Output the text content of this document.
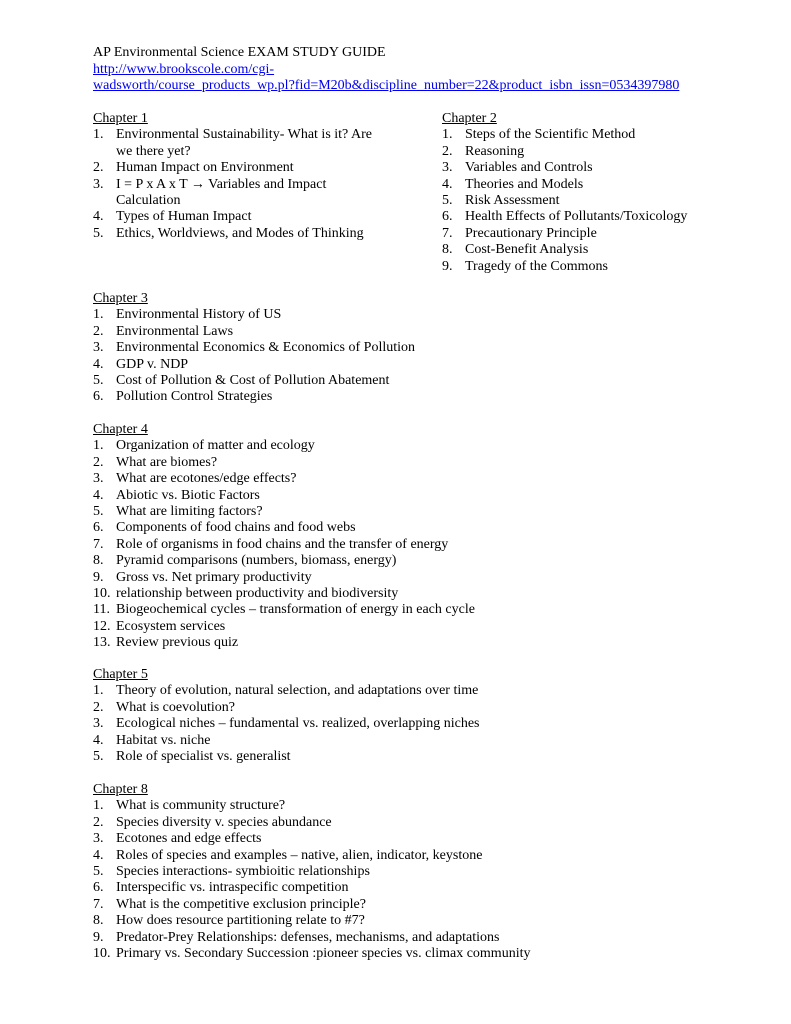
AP Environmental Science EXAM STUDY GUIDE
http://www.brookscole.com/cgi-
wadsworth/course_products_wp.pl?fid=M20b&discipline_number=22&product_isbn_issn=0534397980
Chapter 1
1. Environmental Sustainability- What is it? Are we there yet?
2. Human Impact on Environment
3. I = P x A x T → Variables and Impact Calculation
4. Types of Human Impact
5. Ethics, Worldviews, and Modes of Thinking
Chapter 2
1. Steps of the Scientific Method
2. Reasoning
3. Variables and Controls
4. Theories and Models
5. Risk Assessment
6. Health Effects of Pollutants/Toxicology
7. Precautionary Principle
8. Cost-Benefit Analysis
9. Tragedy of the Commons
Chapter 3
1. Environmental History of US
2. Environmental Laws
3. Environmental Economics & Economics of Pollution
4. GDP v. NDP
5. Cost of Pollution & Cost of Pollution Abatement
6. Pollution Control Strategies
Chapter 4
1. Organization of matter and ecology
2. What are biomes?
3. What are ecotones/edge effects?
4. Abiotic vs. Biotic Factors
5. What are limiting factors?
6. Components of food chains and food webs
7. Role of organisms in food chains and the transfer of energy
8. Pyramid comparisons (numbers, biomass, energy)
9. Gross vs. Net primary productivity
10. relationship between productivity and biodiversity
11. Biogeochemical cycles – transformation of energy in each cycle
12. Ecosystem services
13. Review previous quiz
Chapter 5
1. Theory of evolution, natural selection, and adaptations over time
2. What is coevolution?
3. Ecological niches – fundamental vs. realized, overlapping niches
4. Habitat vs. niche
5. Role of specialist vs. generalist
Chapter 8
1. What is community structure?
2. Species diversity v. species abundance
3. Ecotones and edge effects
4. Roles of species and examples – native, alien, indicator, keystone
5. Species interactions- symbioitic relationships
6. Interspecific vs. intraspecific competition
7. What is the competitive exclusion principle?
8. How does resource partitioning relate to #7?
9. Predator-Prey Relationships: defenses, mechanisms, and adaptations
10. Primary vs. Secondary Succession :pioneer species vs. climax community
